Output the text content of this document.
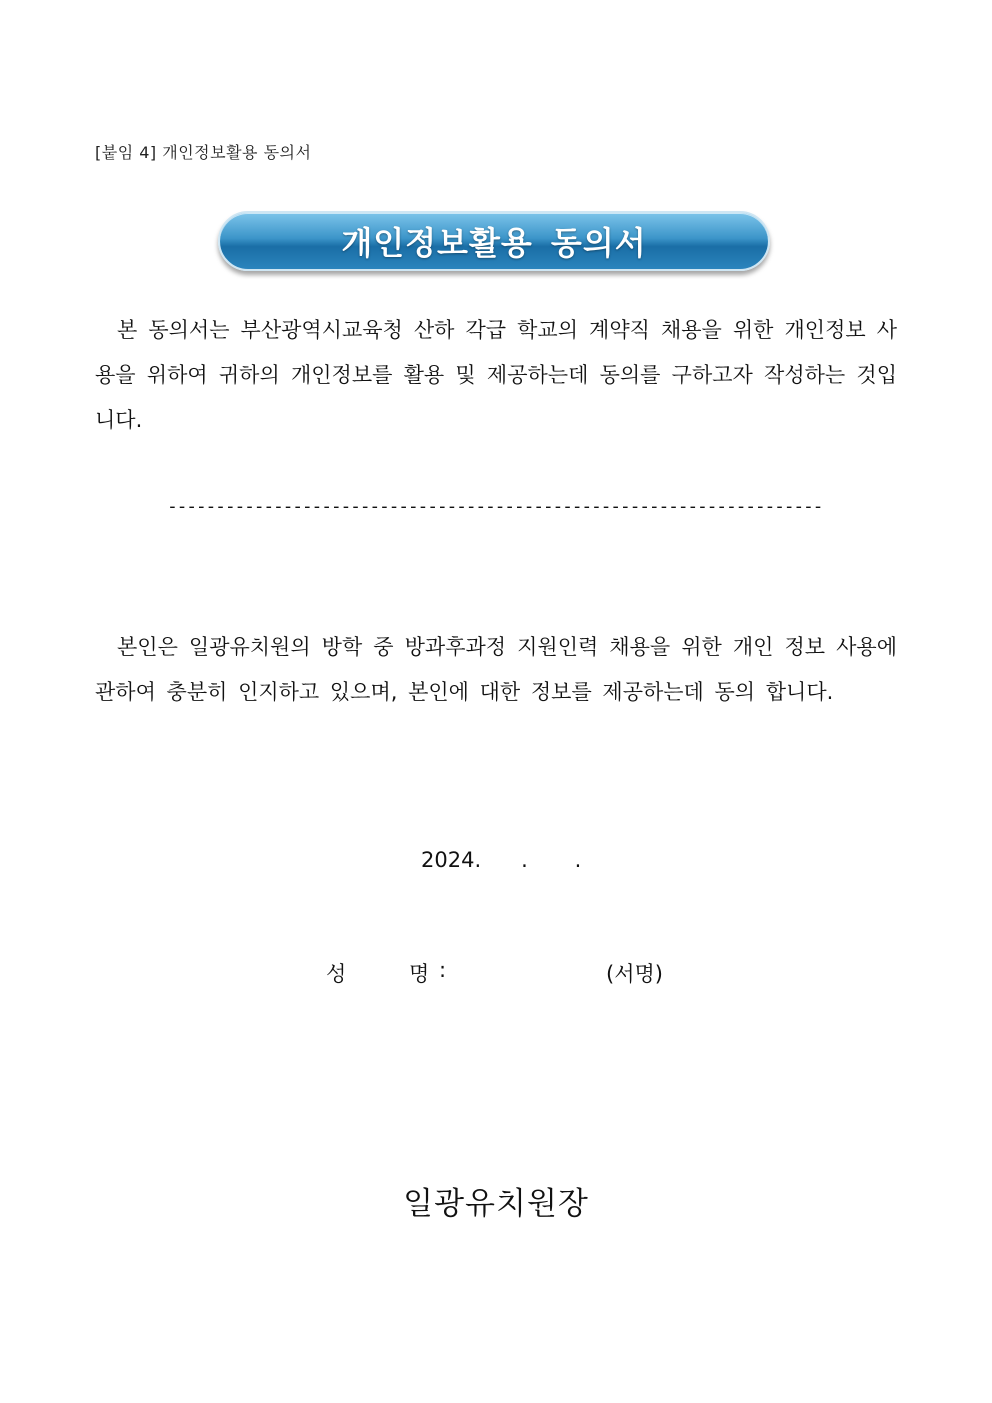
[붙임 4] 개인정보활용 동의서
개인정보활용 동의서
본 동의서는 부산광역시교육청 산하 각급 학교의 계약직 채용을 위한 개인정보 사용을 위하여 귀하의 개인정보를 활용 및 제공하는데 동의를 구하고자 작성하는 것입니다.
--------------------------------------------------------------------
본인은 일광유치원의 방학 중 방과후과정 지원인력 채용을 위한 개인 정보 사용에 관하여 충분히 인지하고 있으며, 본인에 대한 정보를 제공하는데 동의 합니다.
2024.      .       .
성	명 :	(서명)
일광유치원장
